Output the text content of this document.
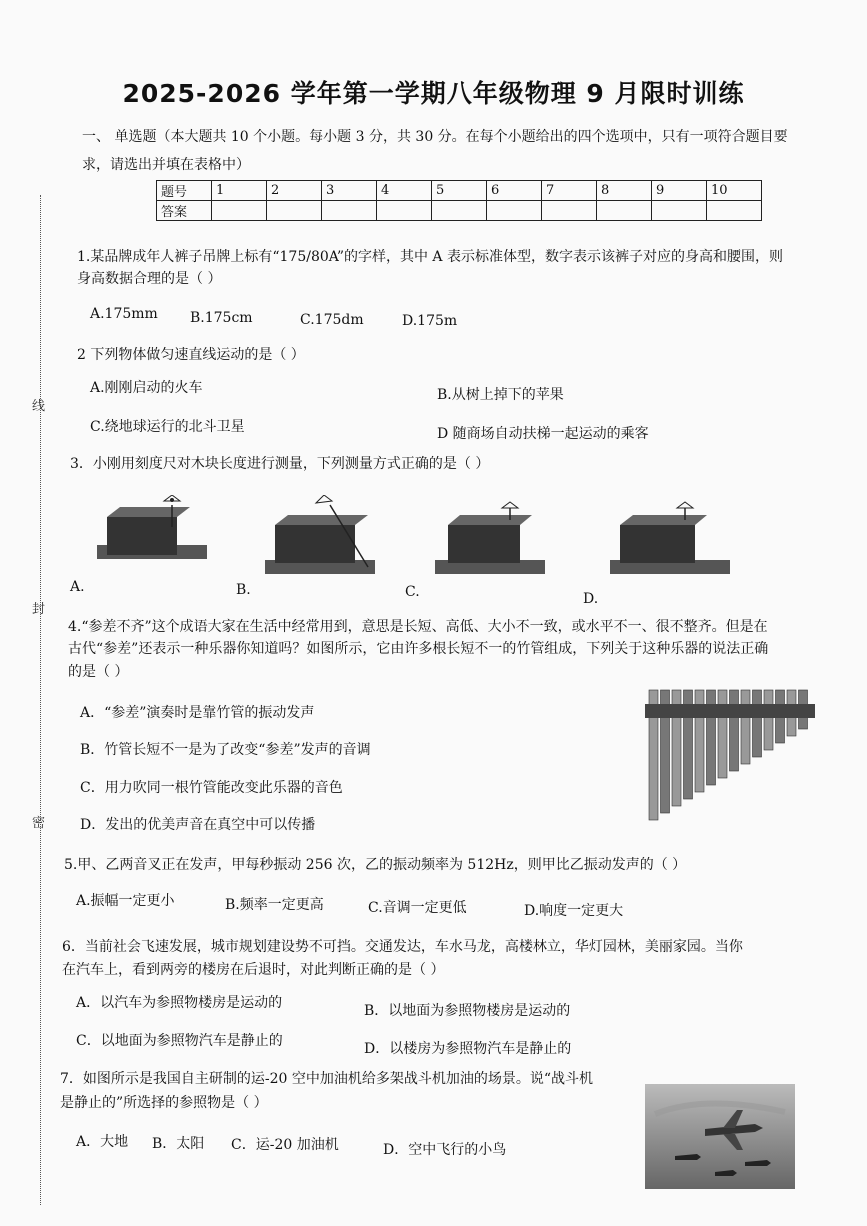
线
封
密
2025-2026 学年第一学期八年级物理 9 月限时训练
一、 单选题（本大题共 10 个小题。每小题 3 分，共 30 分。在每个小题给出的四个选项中，只有一项符合题目要
求，请选出并填在表格中）
题号	1	2	3	4	5	6	7	8	9	10
答案										
1.某品牌成年人裤子吊牌上标有“175/80A”的字样，其中 A 表示标准体型，数字表示该裤子对应的身高和腰围，则
身高数据合理的是（ ）
A.175mm B.175cm	C.175dm	D.175m
2 下列物体做匀速直线运动的是（ ）
A.刚刚启动的火车	B.从树上掉下的苹果
C.绕地球运行的北斗卫星	D 随商场自动扶梯一起运动的乘客
3．小刚用刻度尺对木块长度进行测量，下列测量方式正确的是（ ）
A.	B.	C.	D.
4.“参差不齐”这个成语大家在生活中经常用到，意思是长短、高低、大小不一致，或水平不一、很不整齐。但是在
古代“参差”还表示一种乐器你知道吗？如图所示，它由许多根长短不一的竹管组成，下列关于这种乐器的说法正确
的是（ ）
A．“参差”演奏时是靠竹管的振动发声
B．竹管长短不一是为了改变“参差”发声的音调
C．用力吹同一根竹管能改变此乐器的音色
D．发出的优美声音在真空中可以传播
5.甲、乙两音叉正在发声，甲每秒振动 256 次，乙的振动频率为 512Hz，则甲比乙振动发声的（ ）
A.振幅一定更小	B.频率一定更高	C.音调一定更低	D.响度一定更大
6．当前社会飞速发展，城市规划建设势不可挡。交通发达，车水马龙，高楼林立，华灯园林，美丽家园。当你
在汽车上，看到两旁的楼房在后退时，对此判断正确的是（ ）
A．以汽车为参照物楼房是运动的	B．以地面为参照物楼房是运动的
C．以地面为参照物汽车是静止的	D．以楼房为参照物汽车是静止的
7．如图所示是我国自主研制的运-20 空中加油机给多架战斗机加油的场景。说“战斗机
是静止的”所选择的参照物是（ ）
A．大地 B．太阳 C．运-20 加油机	D．空中飞行的小鸟
